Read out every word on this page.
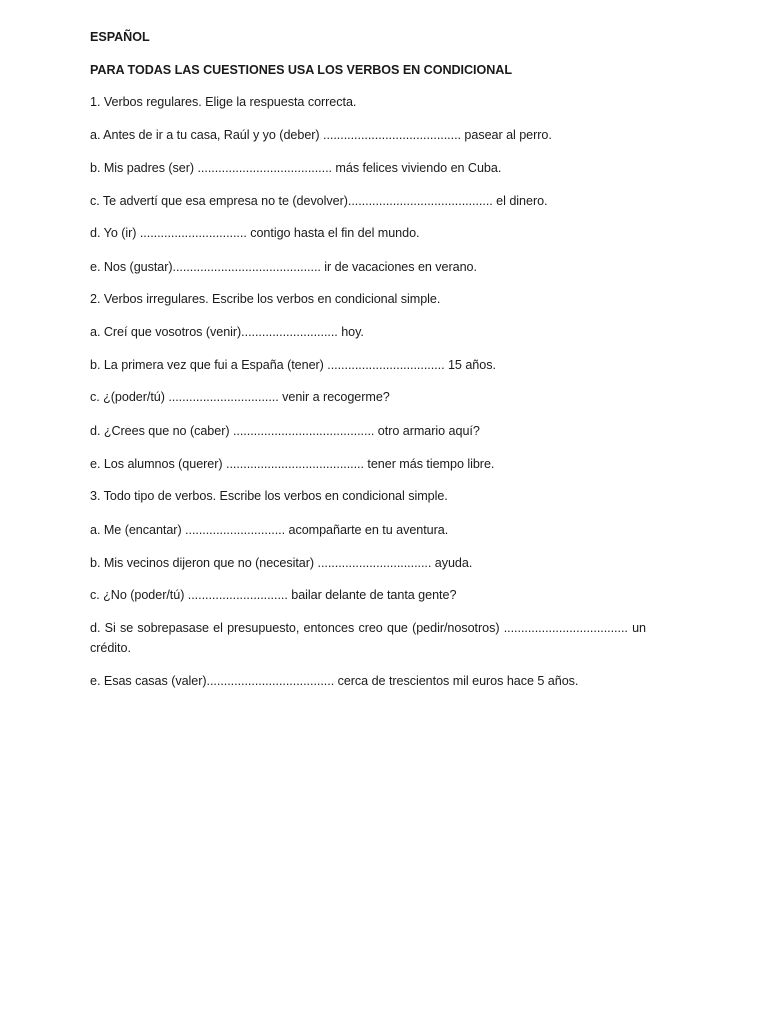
ESPAÑOL
PARA TODAS LAS CUESTIONES USA LOS VERBOS EN CONDICIONAL
1. Verbos regulares. Elige la respuesta correcta.
a. Antes de ir a tu casa, Raúl y yo (deber) ........................................ pasear al perro.
b. Mis padres (ser) ....................................... más felices viviendo en Cuba.
c. Te advertí que esa empresa no te (devolver).......................................... el dinero.
d. Yo (ir) ............................... contigo hasta el fin del mundo.
e. Nos (gustar)........................................... ir de vacaciones en verano.
2. Verbos irregulares. Escribe los verbos en condicional simple.
a. Creí que vosotros (venir)............................ hoy.
b. La primera vez que fui a España (tener) .................................. 15 años.
c. ¿(poder/tú) ................................ venir a recogerme?
d. ¿Crees que no (caber) ......................................... otro armario aquí?
e. Los alumnos (querer) ........................................ tener más tiempo libre.
3. Todo tipo de verbos. Escribe los verbos en condicional simple.
a. Me (encantar) ............................. acompañarte en tu aventura.
b. Mis vecinos dijeron que no (necesitar) ................................. ayuda.
c. ¿No (poder/tú) ............................. bailar delante de tanta gente?
d. Si se sobrepasase el presupuesto, entonces creo que (pedir/nosotros) .................................... un crédito.
e. Esas casas (valer)..................................... cerca de trescientos mil euros hace 5 años.
